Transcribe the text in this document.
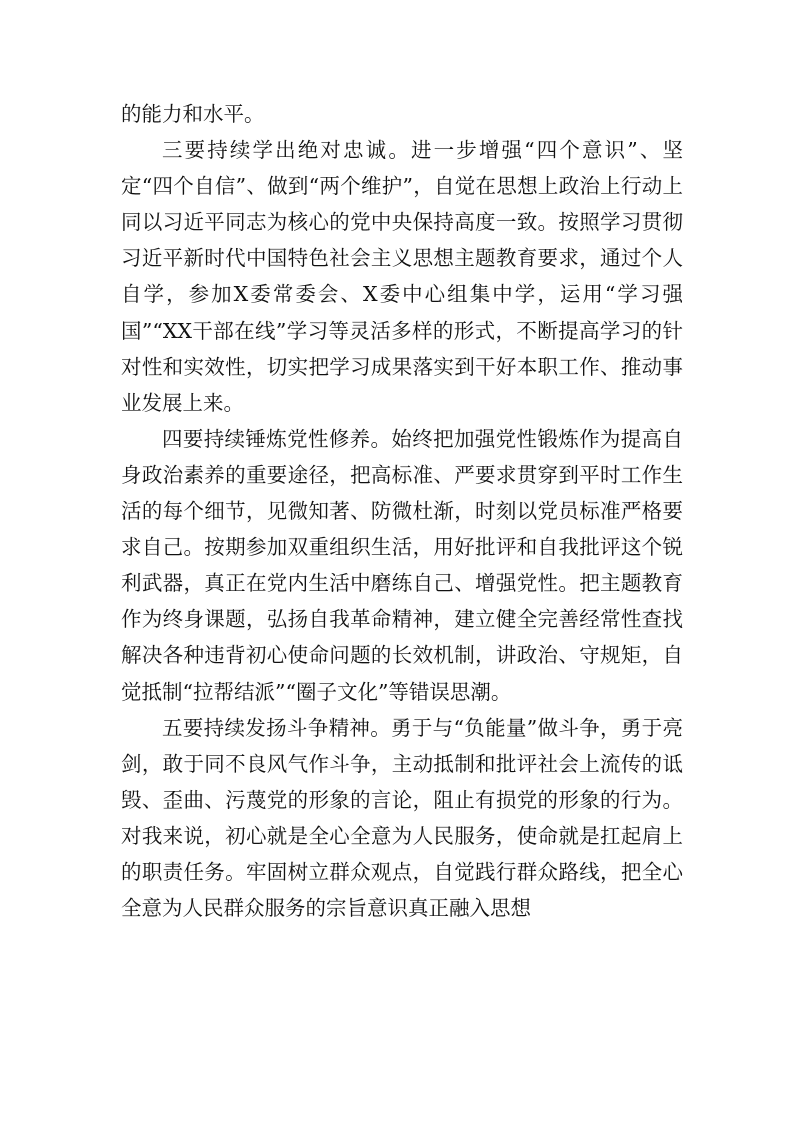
的能力和水平。

三要持续学出绝对忠诚。进一步增强“四个意识”、坚定“四个自信”、做到“两个维护”，自觉在思想上政治上行动上同以习近平同志为核心的党中央保持高度一致。按照学习贯彻习近平新时代中国特色社会主义思想主题教育要求，通过个人自学，参加X委常委会、X委中心组集中学，运用“学习强国”“XX干部在线”学习等灵活多样的形式，不断提高学习的针对性和实效性，切实把学习成果落实到干好本职工作、推动事业发展上来。

四要持续锤炼党性修养。始终把加强党性锻炼作为提高自身政治素养的重要途径，把高标准、严要求贯穿到平时工作生活的每个细节，见微知著、防微杜渐，时刻以党员标准严格要求自己。按期参加双重组织生活，用好批评和自我批评这个锐利武器，真正在党内生活中磨练自己、增强党性。把主题教育作为终身课题，弘扬自我革命精神，建立健全完善经常性查找解决各种违背初心使命问题的长效机制，讲政治、守规矩，自觉抵制“拉帮结派”“圈子文化”等错误思潮。

五要持续发扬斗争精神。勇于与“负能量”做斗争，勇于亮剑，敢于同不良风气作斗争，主动抵制和批评社会上流传的诋毁、歪曲、污蔑党的形象的言论，阻止有损党的形象的行为。对我来说，初心就是全心全意为人民服务，使命就是扛起肩上的职责任务。牢固树立群众观点，自觉践行群众路线，把全心全意为人民群众服务的宗旨意识真正融入思想
